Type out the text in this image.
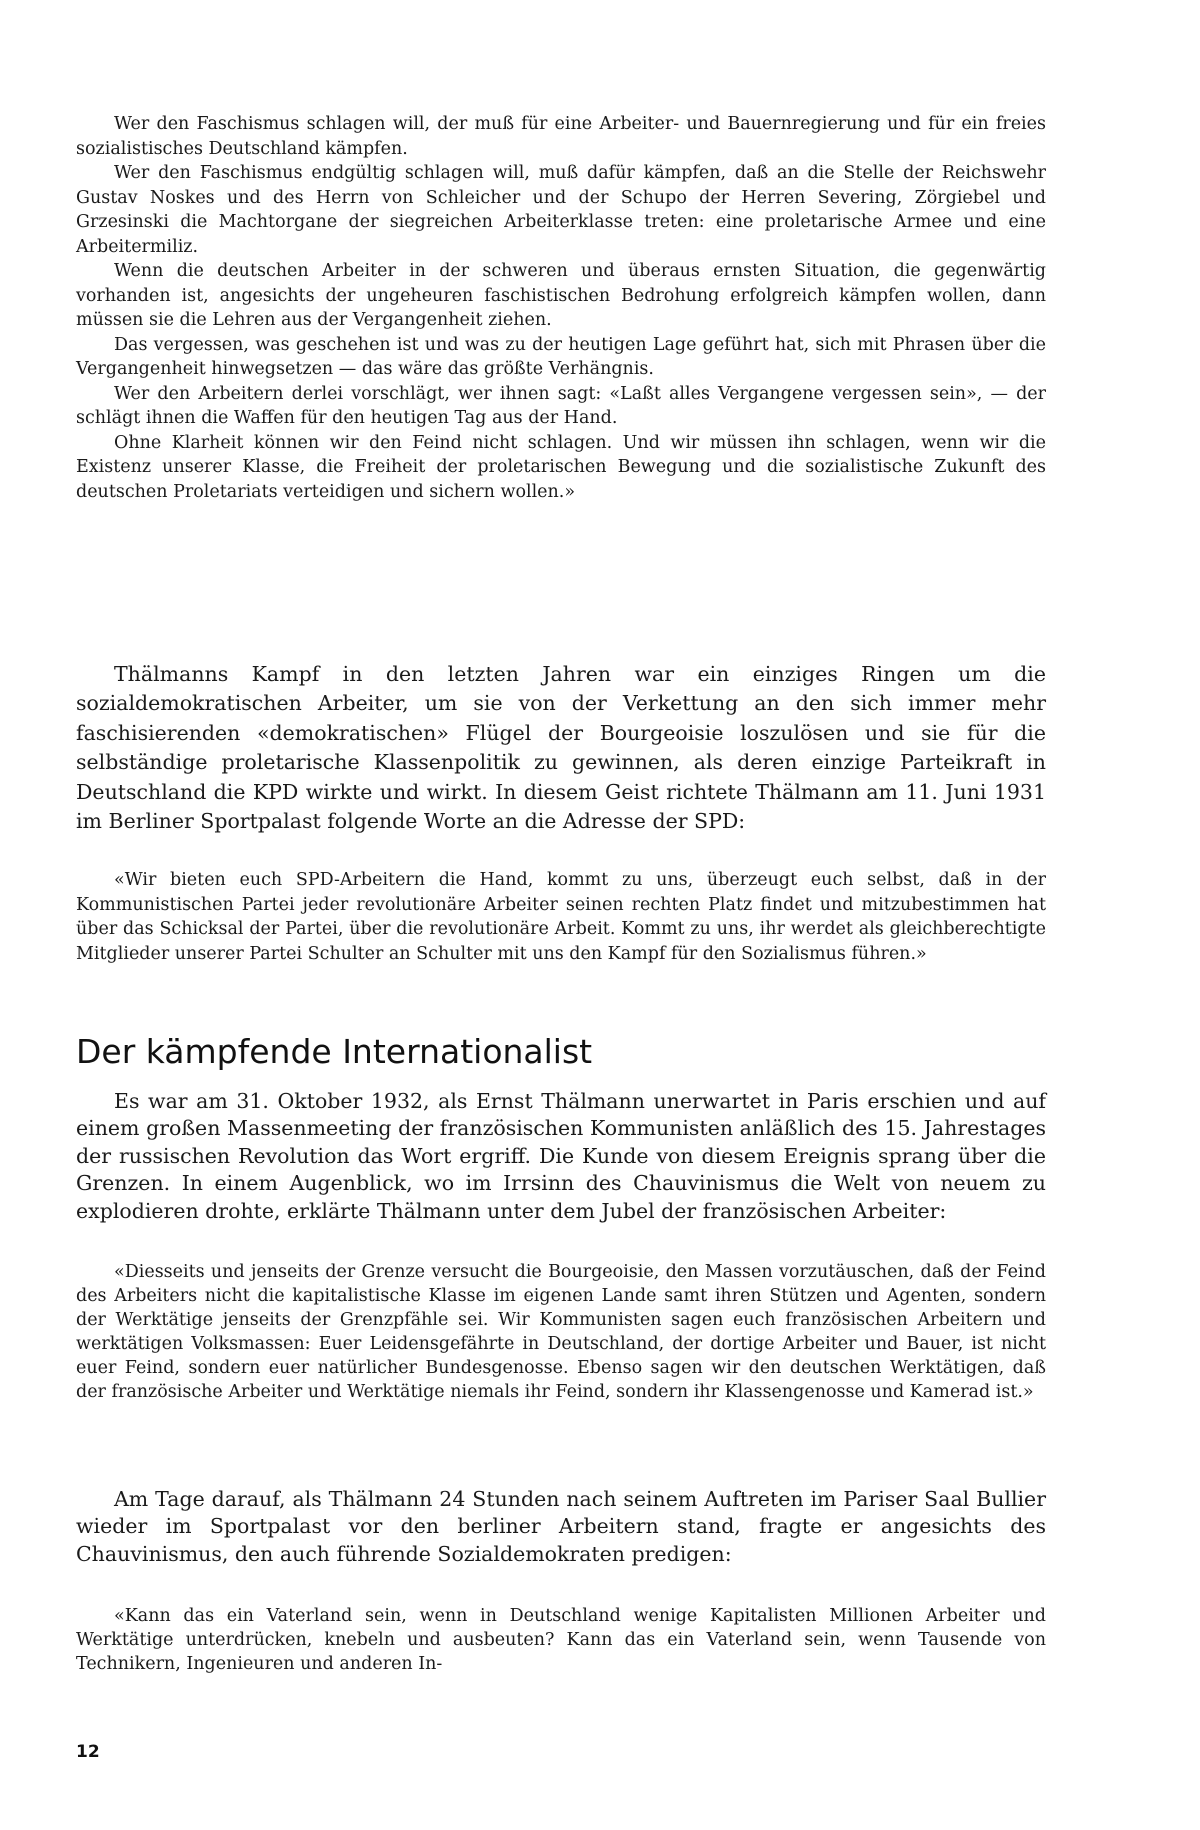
Wer den Faschismus schlagen will, der muß für eine Arbeiter- und Bauernregierung und für ein freies sozialistisches Deutschland kämpfen.

Wer den Faschismus endgültig schlagen will, muß dafür kämpfen, daß an die Stelle der Reichswehr Gustav Noskes und des Herrn von Schleicher und der Schupo der Herren Severing, Zörgiebel und Grzesinski die Machtorgane der siegreichen Arbeiterklasse treten: eine proletarische Armee und eine Arbeitermiliz.

Wenn die deutschen Arbeiter in der schweren und überaus ernsten Situation, die gegenwärtig vorhanden ist, angesichts der ungeheuren faschistischen Bedrohung erfolgreich kämpfen wollen, dann müssen sie die Lehren aus der Vergangenheit ziehen.

Das vergessen, was geschehen ist und was zu der heutigen Lage geführt hat, sich mit Phrasen über die Vergangenheit hinwegsetzen — das wäre das größte Verhängnis.

Wer den Arbeitern derlei vorschlägt, wer ihnen sagt: «Laßt alles Vergangene vergessen sein», — der schlägt ihnen die Waffen für den heutigen Tag aus der Hand.

Ohne Klarheit können wir den Feind nicht schlagen. Und wir müssen ihn schlagen, wenn wir die Existenz unserer Klasse, die Freiheit der proletarischen Bewegung und die sozialistische Zukunft des deutschen Proletariats verteidigen und sichern wollen.»

Thälmanns Kampf in den letzten Jahren war ein einziges Ringen um die sozialdemokratischen Arbeiter, um sie von der Verkettung an den sich immer mehr faschisierenden «demokratischen» Flügel der Bourgeoisie loszulösen und sie für die selbständige proletarische Klassenpolitik zu gewinnen, als deren einzige Parteikraft in Deutschland die KPD wirkte und wirkt. In diesem Geist richtete Thälmann am 11. Juni 1931 im Berliner Sportpalast folgende Worte an die Adresse der SPD:

«Wir bieten euch SPD-Arbeitern die Hand, kommt zu uns, überzeugt euch selbst, daß in der Kommunistischen Partei jeder revolutionäre Arbeiter seinen rechten Platz findet und mitzubestimmen hat über das Schicksal der Partei, über die revolutionäre Arbeit. Kommt zu uns, ihr werdet als gleichberechtigte Mitglieder unserer Partei Schulter an Schulter mit uns den Kampf für den Sozialismus führen.»

Der kämpfende Internationalist

Es war am 31. Oktober 1932, als Ernst Thälmann unerwartet in Paris erschien und auf einem großen Massenmeeting der französischen Kommunisten anläßlich des 15. Jahrestages der russischen Revolution das Wort ergriff. Die Kunde von diesem Ereignis sprang über die Grenzen. In einem Augenblick, wo im Irrsinn des Chauvinismus die Welt von neuem zu explodieren drohte, erklärte Thälmann unter dem Jubel der französischen Arbeiter:

«Diesseits und jenseits der Grenze versucht die Bourgeoisie, den Massen vorzutäuschen, daß der Feind des Arbeiters nicht die kapitalistische Klasse im eigenen Lande samt ihren Stützen und Agenten, sondern der Werktätige jenseits der Grenzpfähle sei. Wir Kommunisten sagen euch französischen Arbeitern und werktätigen Volksmassen: Euer Leidensgefährte in Deutschland, der dortige Arbeiter und Bauer, ist nicht euer Feind, sondern euer natürlicher Bundesgenosse. Ebenso sagen wir den deutschen Werktätigen, daß der französische Arbeiter und Werktätige niemals ihr Feind, sondern ihr Klassengenosse und Kamerad ist.»

Am Tage darauf, als Thälmann 24 Stunden nach seinem Auftreten im Pariser Saal Bullier wieder im Sportpalast vor den berliner Arbeitern stand, fragte er angesichts des Chauvinismus, den auch führende Sozialdemokraten predigen:

«Kann das ein Vaterland sein, wenn in Deutschland wenige Kapitalisten Millionen Arbeiter und Werktätige unterdrücken, knebeln und ausbeuten? Kann das ein Vaterland sein, wenn Tausende von Technikern, Ingenieuren und anderen In-

12
